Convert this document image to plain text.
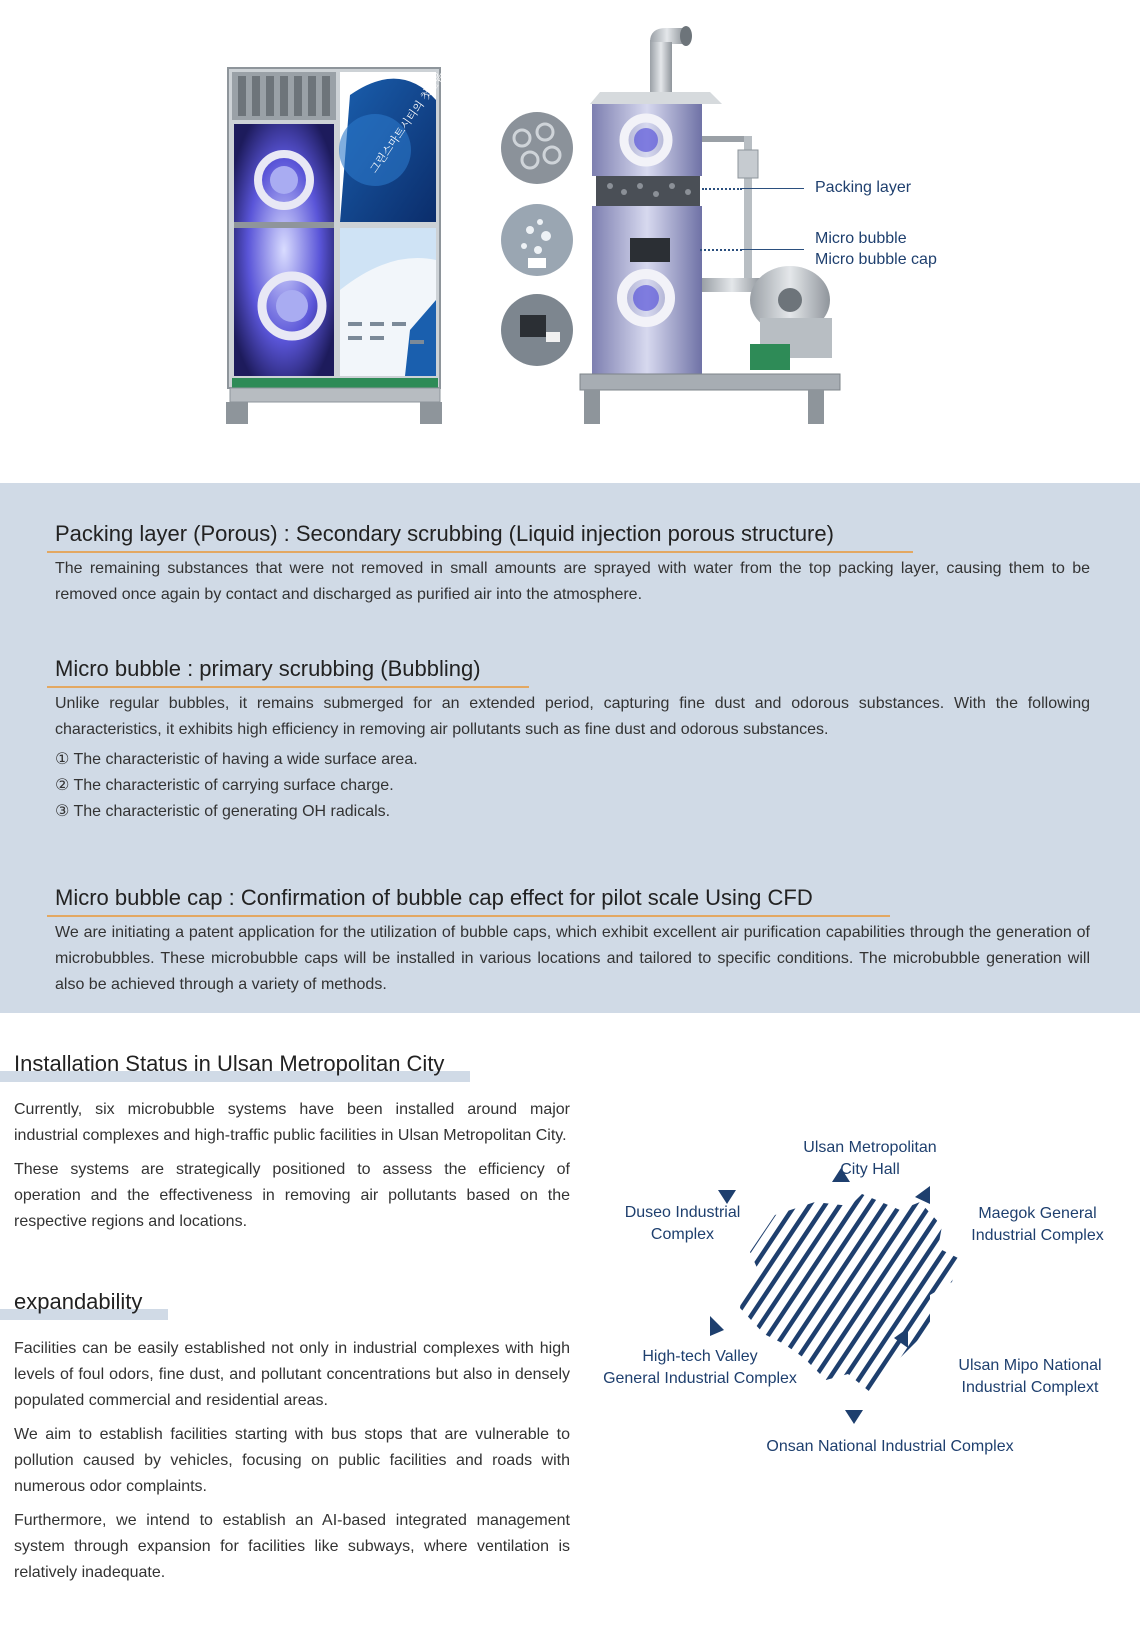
그린스마트시티의 첫걸음
Packing layer
Micro bubble
Micro bubble cap
Packing layer (Porous) : Secondary scrubbing (Liquid injection porous structure)

The remaining substances that were not removed in small amounts are sprayed with water from the top packing layer, causing them to be removed once again by contact and discharged as purified air into the atmosphere.

Micro bubble : primary scrubbing (Bubbling)

Unlike regular bubbles, it remains submerged for an extended period, capturing fine dust and odorous substances. With the following characteristics, it exhibits high efficiency in removing air pollutants such as fine dust and odorous substances.

① The characteristic of having a wide surface area.
② The characteristic of carrying surface charge.
③ The characteristic of generating OH radicals.
Micro bubble cap : Confirmation of bubble cap effect for pilot scale Using CFD

We are initiating a patent application for the utilization of bubble caps, which exhibit excellent air purification capabilities through the generation of microbubbles. These microbubble caps will be installed in various locations and tailored to specific conditions. The microbubble generation will also be achieved through a variety of methods.

Installation Status in Ulsan Metropolitan City

Currently, six microbubble systems have been installed around major industrial complexes and high-traffic public facilities in Ulsan Metropolitan City.

These systems are strategically positioned to assess the efficiency of operation and the effectiveness in removing air pollutants based on the respective regions and locations.

expandability

Facilities can be easily established not only in industrial complexes with high levels of foul odors, fine dust, and pollutant concentrations but also in densely populated commercial and residential areas.

We aim to establish facilities starting with bus stops that are vulnerable to pollution caused by vehicles, focusing on public facilities and roads with numerous odor complaints.

Furthermore, we intend to establish an AI-based integrated management system through expansion for facilities like subways, where ventilation is relatively inadequate.

Ulsan Metropolitan
City Hall
Duseo Industrial
Complex
Maegok General
Industrial Complex
High-tech Valley
General Industrial Complex
Ulsan Mipo National
Industrial Complext
Onsan National Industrial Complex
